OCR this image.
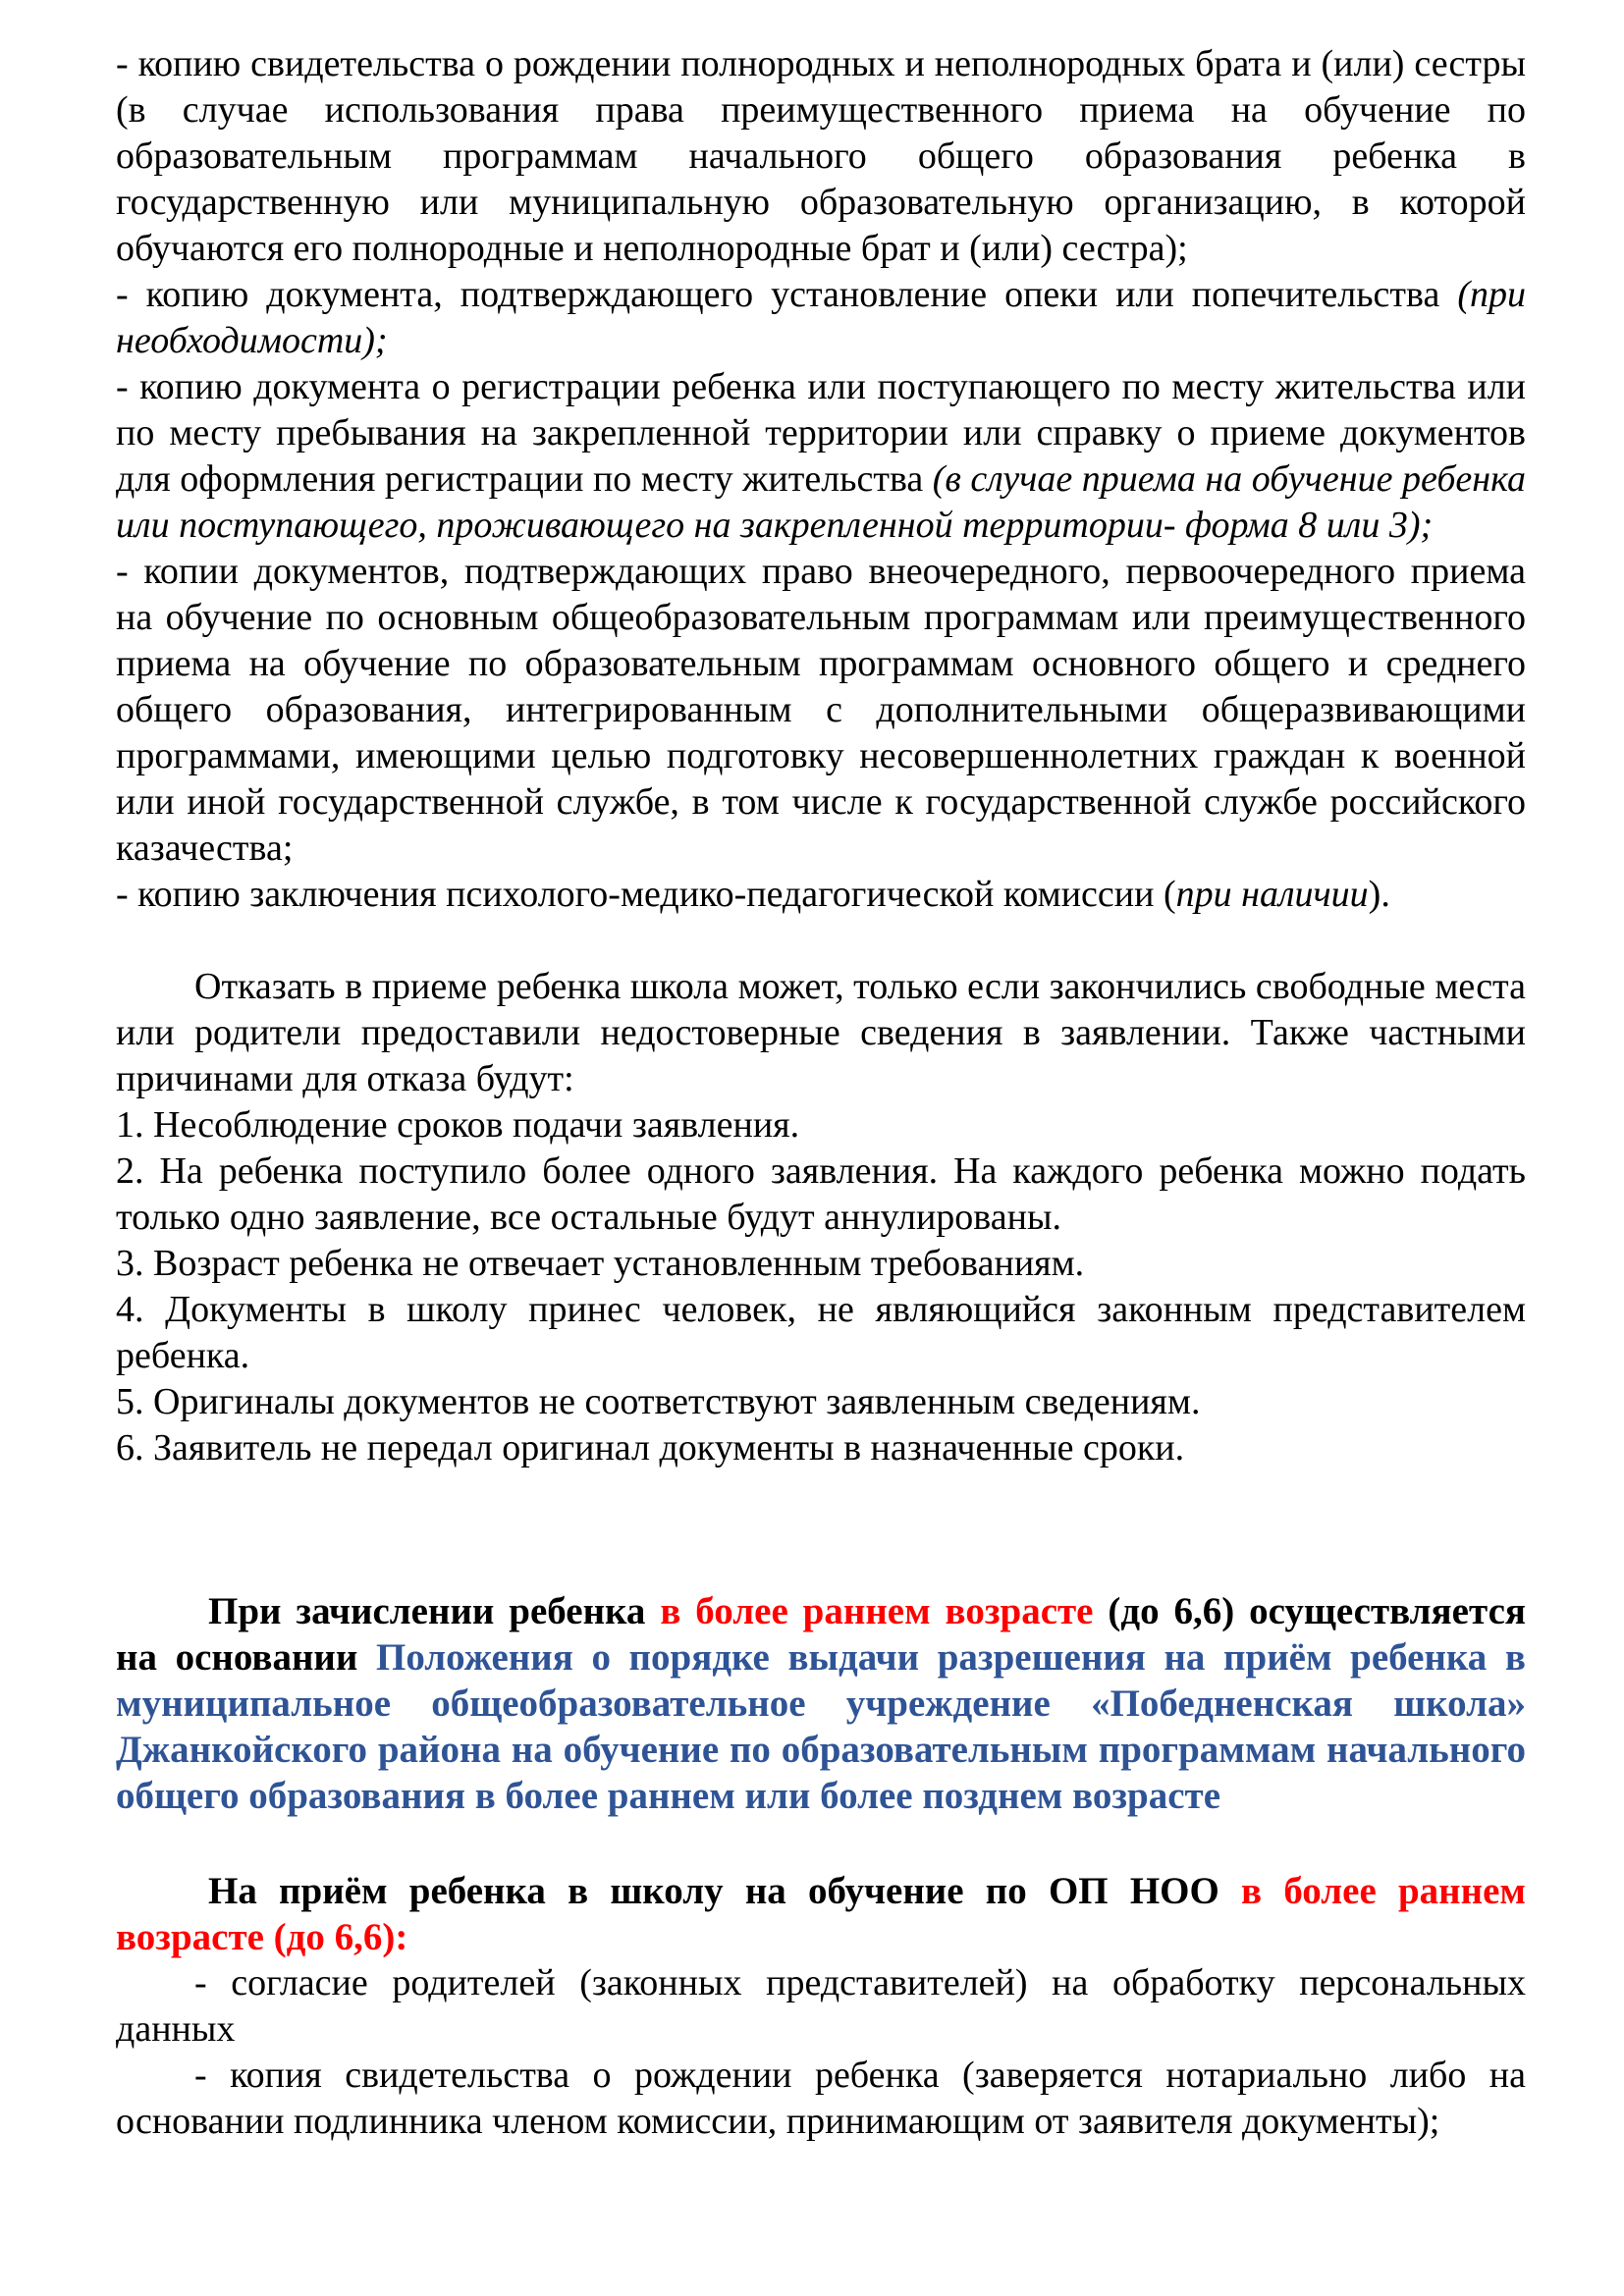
- копию свидетельства о рождении полнородных и неполнородных брата и (или) сестры (в случае использования права преимущественного приема на обучение по образовательным программам начального общего образования ребенка в государственную или муниципальную образовательную организацию, в которой обучаются его полнородные и неполнородные брат и (или) сестра);

- копию документа, подтверждающего установление опеки или попечительства (при необходимости);

- копию документа о регистрации ребенка или поступающего по месту жительства или по месту пребывания на закрепленной территории или справку о приеме документов для оформления регистрации по месту жительства (в случае приема на обучение ребенка или поступающего, проживающего на закрепленной территории- форма 8 или 3);

- копии документов, подтверждающих право внеочередного, первоочередного приема на обучение по основным общеобразовательным программам или преимущественного приема на обучение по образовательным программам основного общего и среднего общего образования, интегрированным с дополнительными общеразвивающими программами, имеющими целью подготовку несовершеннолетних граждан к военной или иной государственной службе, в том числе к государственной службе российского казачества;

- копию заключения психолого-медико-педагогической комиссии (при наличии).

Отказать в приеме ребенка школа может, только если закончились свободные места или родители предоставили недостоверные сведения в заявлении. Также частными причинами для отказа будут:

1. Несоблюдение сроков подачи заявления.

2. На ребенка поступило более одного заявления. На каждого ребенка можно подать только одно заявление, все остальные будут аннулированы.

3. Возраст ребенка не отвечает установленным требованиям.

4. Документы в школу принес человек, не являющийся законным представителем ребенка.

5. Оригиналы документов не соответствуют заявленным сведениям.

6. Заявитель не передал оригинал документы в назначенные сроки.

При зачислении ребенка в более раннем возрасте (до 6,6) осуществляется на основании Положения о порядке выдачи разрешения на приём ребенка в муниципальное общеобразовательное учреждение «Победненская школа» Джанкойского района на обучение по образовательным программам начального общего образования в более раннем или более позднем возрасте

На приём ребенка в школу на обучение по ОП НОО в более раннем возрасте (до 6,6):

- согласие родителей (законных представителей) на обработку персональных данных

- копия свидетельства о рождении ребенка (заверяется нотариально либо на основании подлинника членом комиссии, принимающим от заявителя документы);
